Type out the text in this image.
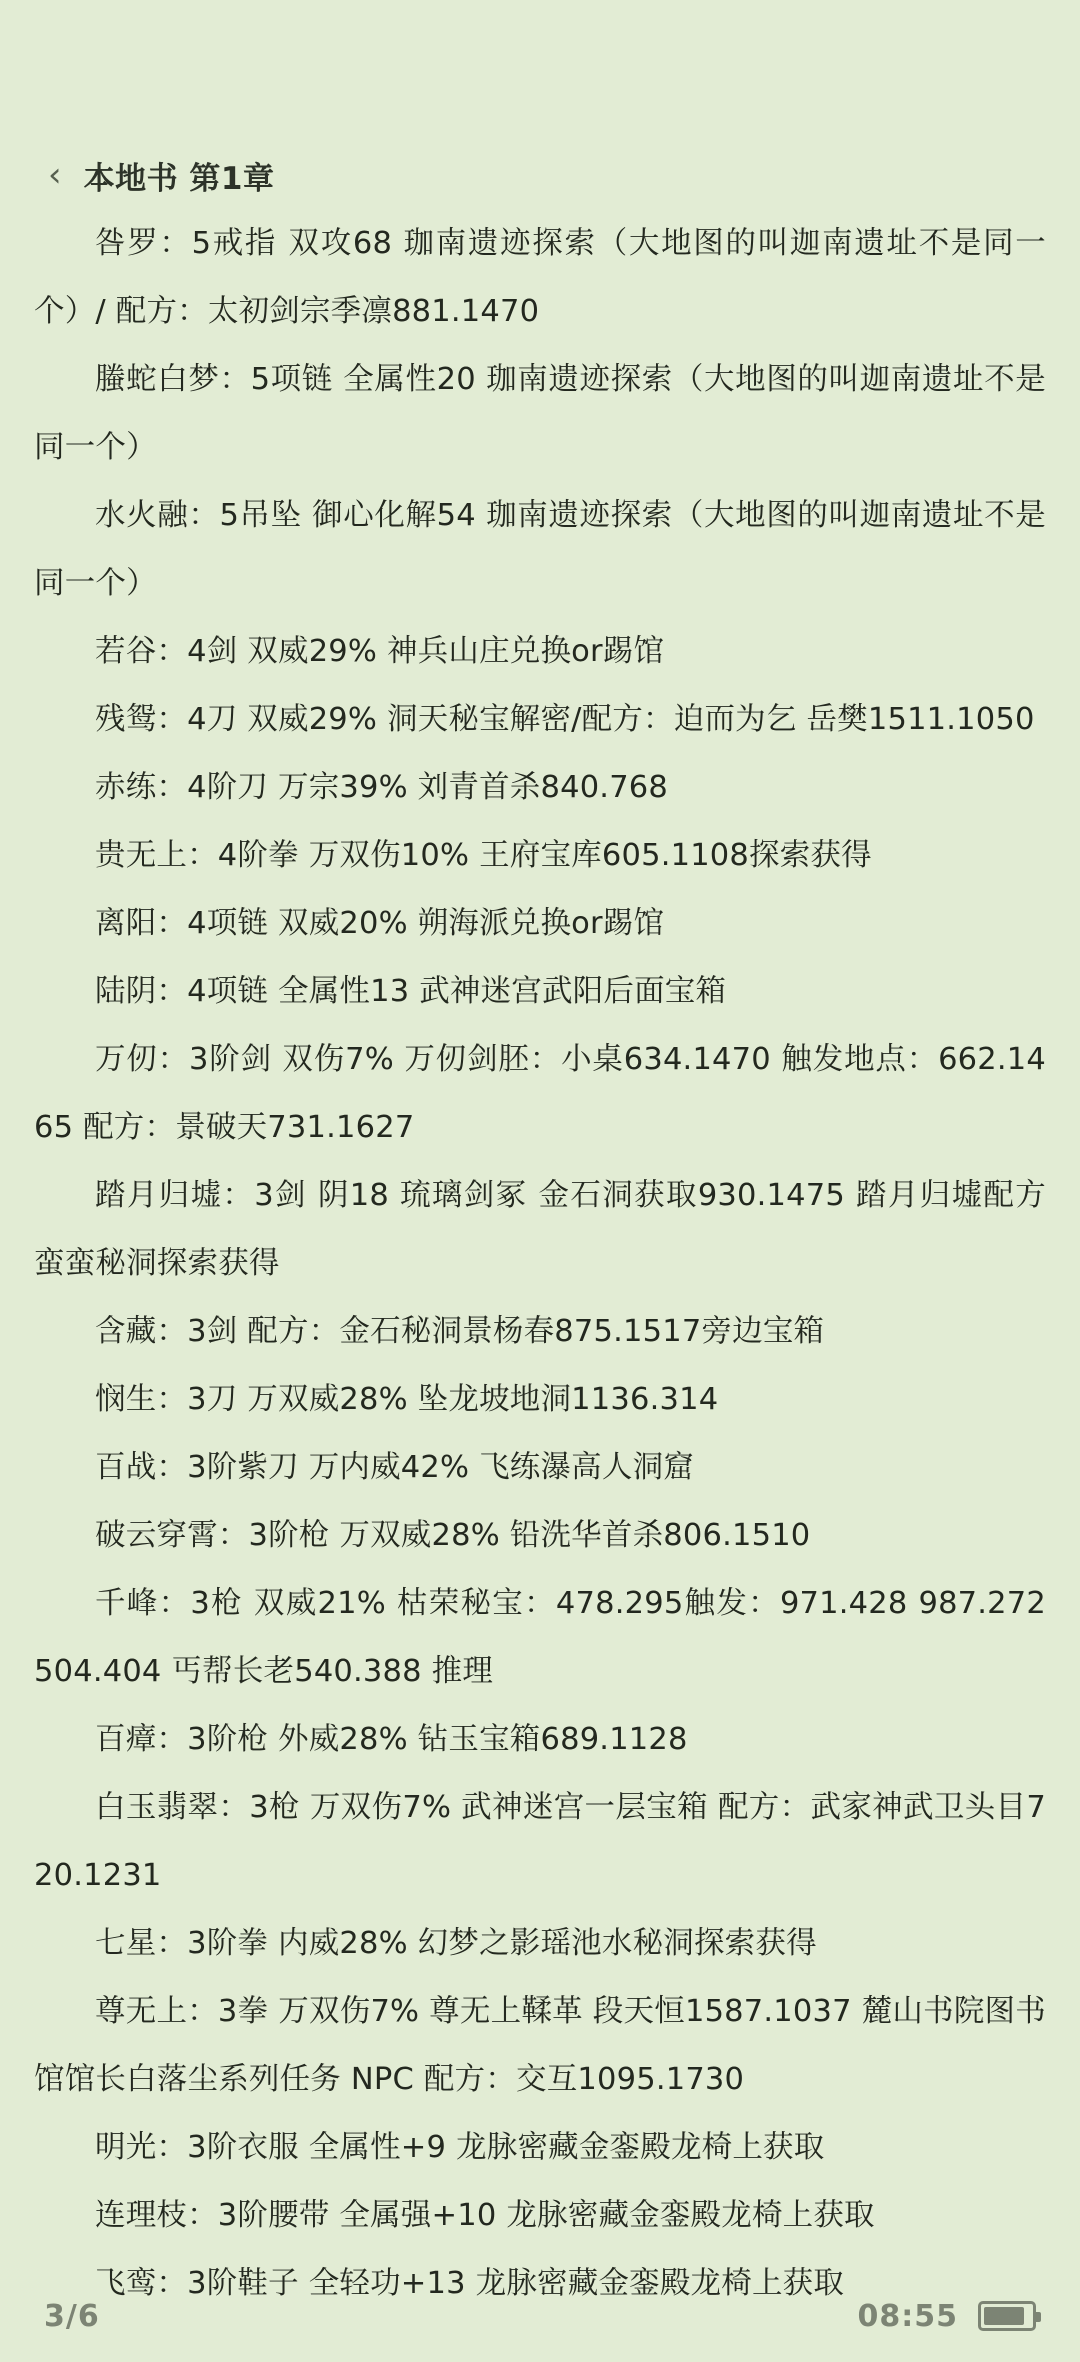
‹ 本地书 第1章

咎罗：5戒指 双攻68 珈南遗迹探索（大地图的叫迦南遗址不是同一个）/ 配方：太初剑宗季凛881.1470

螣蛇白梦：5项链 全属性20 珈南遗迹探索（大地图的叫迦南遗址不是同一个）

水火融：5吊坠 御心化解54 珈南遗迹探索（大地图的叫迦南遗址不是同一个）

若谷：4剑 双威29% 神兵山庄兑换or踢馆

残鸳：4刀 双威29% 洞天秘宝解密/配方：迫而为乞 岳樊1511.1050

赤练：4阶刀 万宗39% 刘青首杀840.768

贵无上：4阶拳 万双伤10% 王府宝库605.1108探索获得

离阳：4项链 双威20% 朔海派兑换or踢馆

陆阴：4项链 全属性13 武神迷宫武阳后面宝箱

万仞：3阶剑 双伤7% 万仞剑胚：小桌634.1470 触发地点：662.1465 配方：景破天731.1627

踏月归墟：3剑 阴18 琉璃剑冢 金石洞获取930.1475 踏月归墟配方蛮蛮秘洞探索获得

含藏：3剑 配方：金石秘洞景杨春875.1517旁边宝箱

悯生：3刀 万双威28% 坠龙坡地洞1136.314

百战：3阶紫刀 万内威42% 飞练瀑高人洞窟

破云穿霄：3阶枪 万双威28% 铅洗华首杀806.1510

千峰：3枪 双威21% 枯荣秘宝：478.295触发：971.428 987.272 504.404 丐帮长老540.388 推理

百瘴：3阶枪 外威28% 钻玉宝箱689.1128

白玉翡翠：3枪 万双伤7% 武神迷宫一层宝箱 配方：武家神武卫头目720.1231

七星：3阶拳 内威28% 幻梦之影瑶池水秘洞探索获得

尊无上：3拳 万双伤7% 尊无上鞣革 段天恒1587.1037 麓山书院图书馆馆长白落尘系列任务 NPC 配方：交互1095.1730

明光：3阶衣服 全属性+9 龙脉密藏金銮殿龙椅上获取

连理枝：3阶腰带 全属强+10 龙脉密藏金銮殿龙椅上获取

飞鸾：3阶鞋子 全轻功+13 龙脉密藏金銮殿龙椅上获取

3/6	08:55
